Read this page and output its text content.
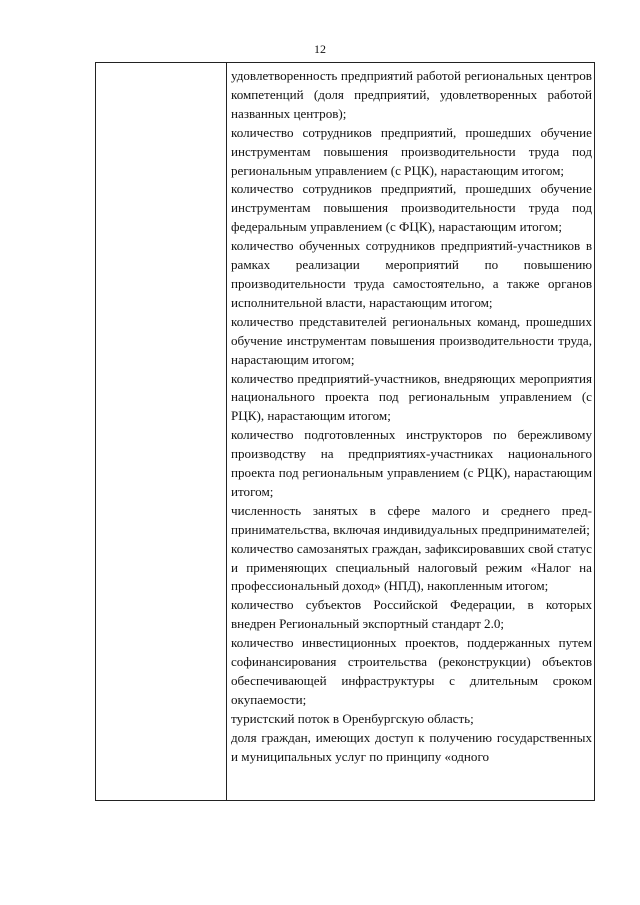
12

удовлетворенность предприятий работой региональных центров компетенций (доля предприятий, удовлетворенных работой названных центров);

количество сотрудников предприятий, прошедших обучение инструментам повышения производительности труда под региональным управлением (с РЦК), нарастающим итогом;

количество сотрудников предприятий, прошедших обучение инструментам повышения производительности труда под федеральным управлением (с ФЦК), нарастающим итогом;

количество обученных сотрудников предприятий-участников в рамках реализации мероприятий по повышению производительности труда самостоятельно, а также органов исполнительной власти, нарастающим итогом;

количество представителей региональных команд, прошедших обучение инструментам повышения производительности труда, нарастающим итогом;

количество предприятий-участников, внедряющих мероприятия национального проекта под региональным управлением (с РЦК), нарастающим итогом;

количество подготовленных инструкторов по бережливому производству на предприятиях-участниках национального проекта под региональным управлением (с РЦК), нарастающим итогом;

численность занятых в сфере малого и среднего предпринимательства, включая индивидуальных предпринимателей;

количество самозанятых граждан, зафиксировавших свой статус и применяющих специальный налоговый режим «Налог на профессиональный доход» (НПД), накопленным итогом;

количество субъектов Российской Федерации, в которых внедрен Региональный экспортный стандарт 2.0;

количество инвестиционных проектов, поддержанных путем софинансирования строительства (реконструкции) объектов обеспечивающей инфраструктуры с длительным сроком окупаемости;

туристский поток в Оренбургскую область;

доля граждан, имеющих доступ к получению государственных и муниципальных услуг по принципу «одного
